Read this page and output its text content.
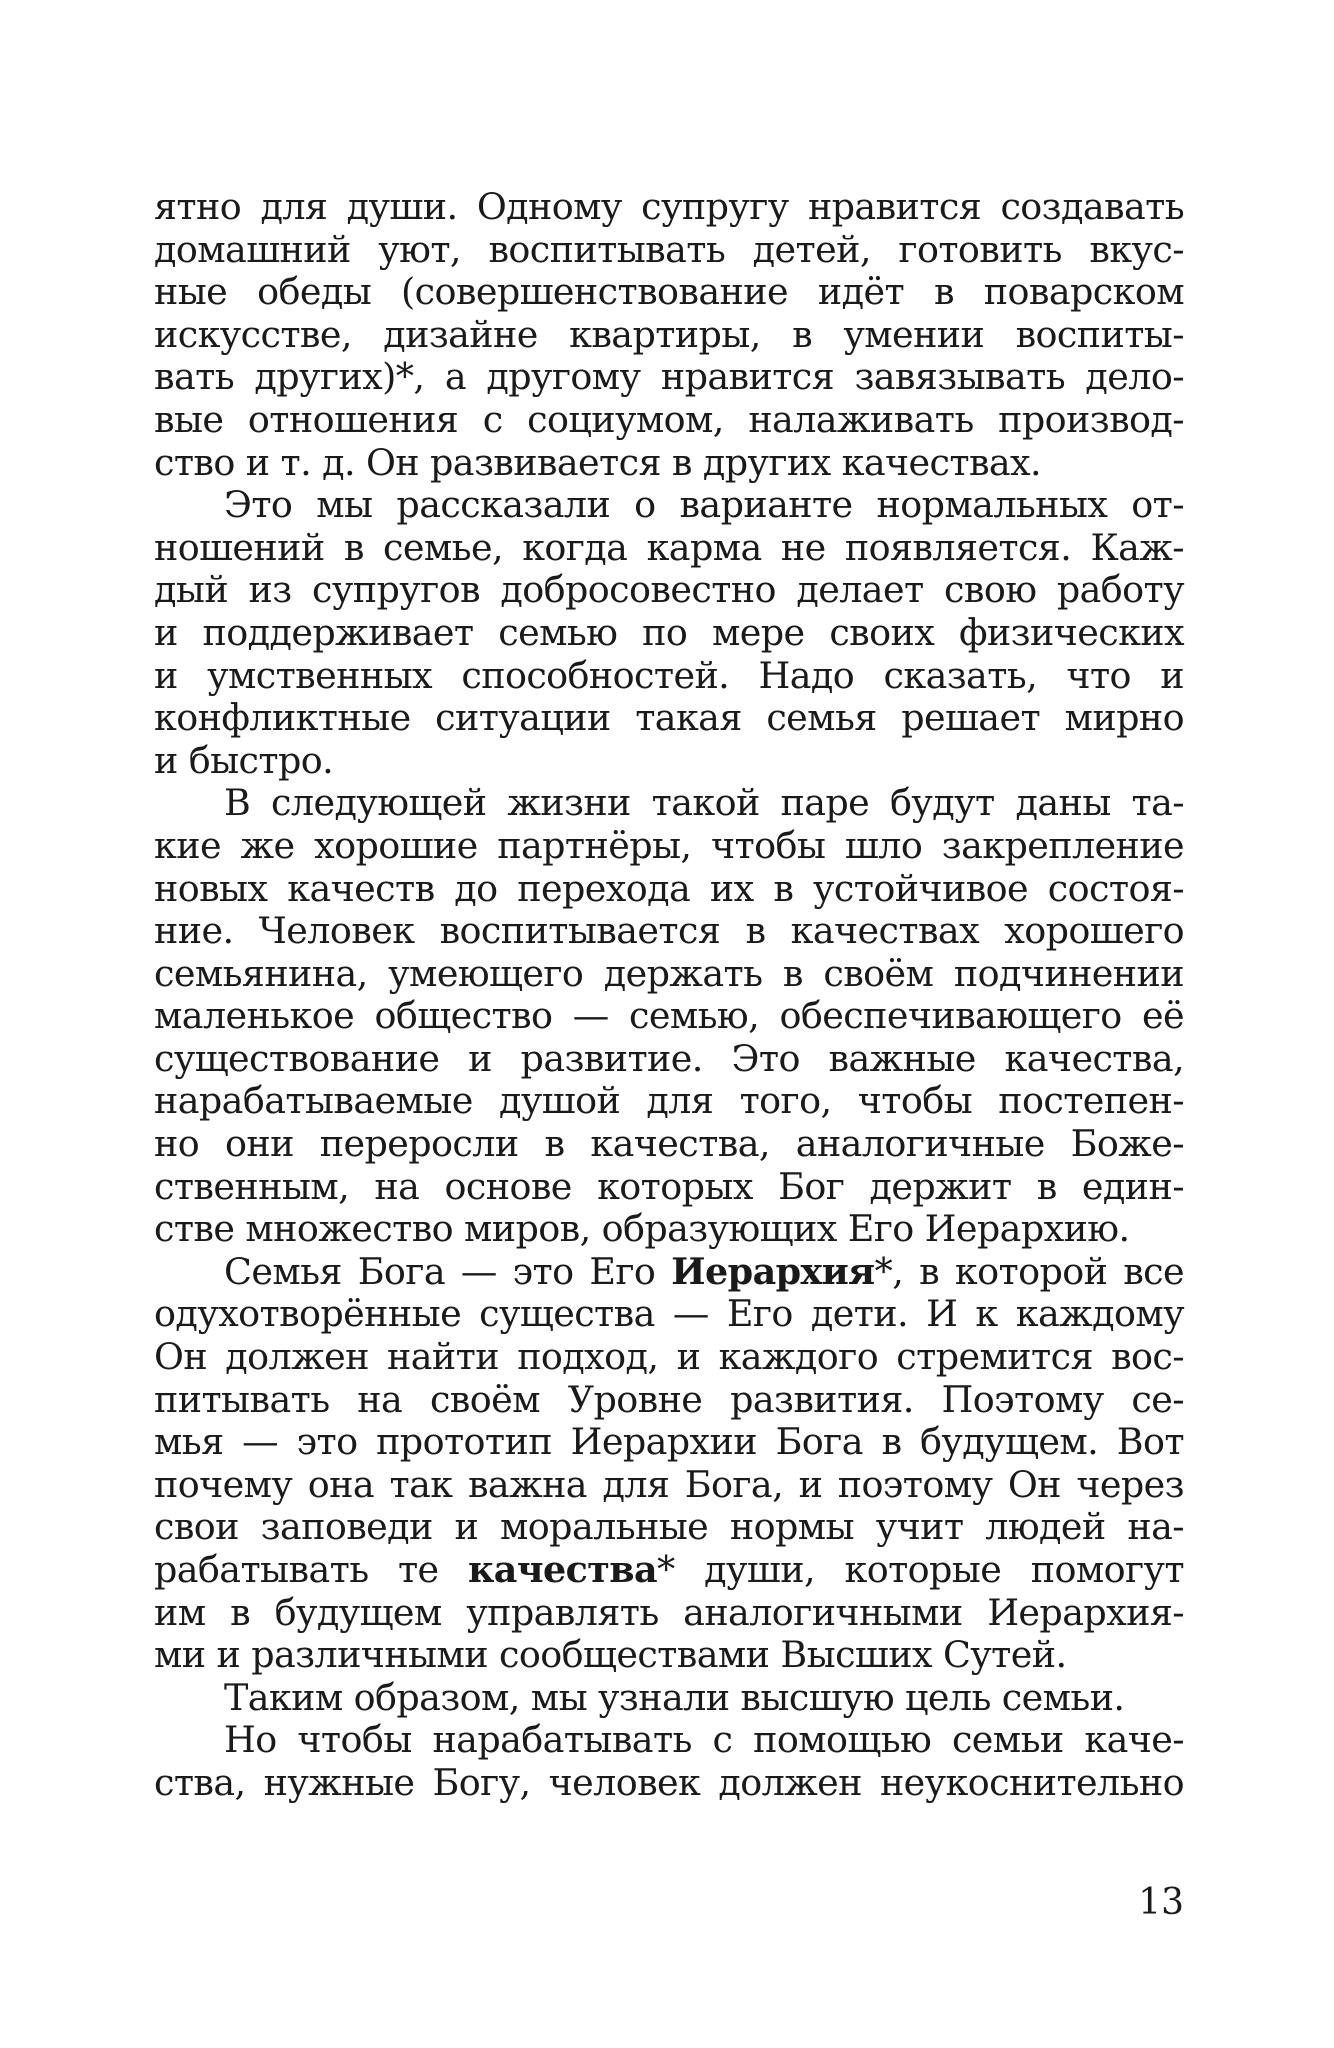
ятно для души. Одному супругу нравится создавать
домашний уют, воспитывать детей, готовить вкус-
ные обеды (совершенствование идёт в поварском
искусстве, дизайне квартиры, в умении воспиты-
вать других)*, а другому нравится завязывать дело-
вые отношения с социумом, налаживать производ-
ство и т. д. Он развивается в других качествах.
Это мы рассказали о варианте нормальных от-
ношений в семье, когда карма не появляется. Каж-
дый из супругов добросовестно делает свою работу
и поддерживает семью по мере своих физических
и умственных способностей. Надо сказать, что и
конфликтные ситуации такая семья решает мирно
и быстро.
В следующей жизни такой паре будут даны та-
кие же хорошие партнёры, чтобы шло закрепление
новых качеств до перехода их в устойчивое состоя-
ние. Человек воспитывается в качествах хорошего
семьянина, умеющего держать в своём подчинении
маленькое общество — семью, обеспечивающего её
существование и развитие. Это важные качества,
нарабатываемые душой для того, чтобы постепен-
но они переросли в качества, аналогичные Боже-
ственным, на основе которых Бог держит в един-
стве множество миров, образующих Его Иерархию.
Семья Бога — это Его Иерархия*, в которой все
одухотворённые существа — Его дети. И к каждому
Он должен найти подход, и каждого стремится вос-
питывать на своём Уровне развития. Поэтому се-
мья — это прототип Иерархии Бога в будущем. Вот
почему она так важна для Бога, и поэтому Он через
свои заповеди и моральные нормы учит людей на-
рабатывать те качества* души, которые помогут
им в будущем управлять аналогичными Иерархия-
ми и различными сообществами Высших Сутей.
Таким образом, мы узнали высшую цель семьи.
Но чтобы нарабатывать с помощью семьи каче-
ства, нужные Богу, человек должен неукоснительно
13
